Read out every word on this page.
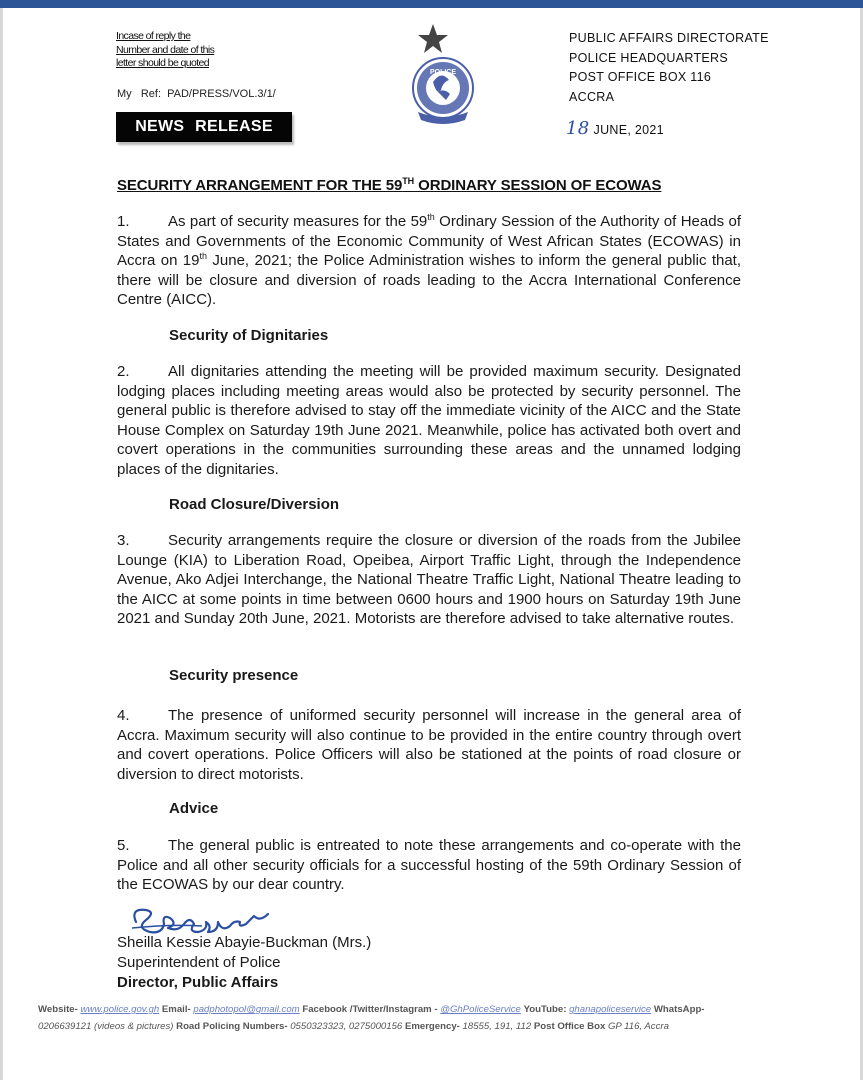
Incase of reply the
Number and date of this
letter should be quoted
My   Ref:  PAD/PRESS/VOL.3/1/
NEWS RELEASE
POLICE
PUBLIC AFFAIRS DIRECTORATE
POLICE HEADQUARTERS
POST OFFICE BOX 116
ACCRA
18 JUNE, 2021
SECURITY ARRANGEMENT FOR THE 59TH ORDINARY SESSION OF ECOWAS
1.	As part of security measures for the 59th Ordinary Session of the Authority of Heads of States and Governments of the Economic Community of West African States (ECOWAS) in Accra on 19th June, 2021; the Police Administration wishes to inform the general public that, there will be closure and diversion of roads leading to the Accra International Conference Centre (AICC).
Security of Dignitaries
2.	All dignitaries attending the meeting will be provided maximum security. Designated lodging places including meeting areas would also be protected by security personnel. The general public is therefore advised to stay off the immediate vicinity of the AICC and the State House Complex on Saturday 19th June 2021. Meanwhile, police has activated both overt and covert operations in the communities surrounding these areas and the unnamed lodging places of the dignitaries.
Road Closure/Diversion
3.	Security arrangements require the closure or diversion of the roads from the Jubilee Lounge (KIA) to Liberation Road, Opeibea, Airport Traffic Light, through the Independence Avenue, Ako Adjei Interchange, the National Theatre Traffic Light, National Theatre leading to the AICC at some points in time between 0600 hours and 1900 hours on Saturday 19th June 2021 and Sunday 20th June, 2021. Motorists are therefore advised to take alternative routes.
Security presence
4.	The presence of uniformed security personnel will increase in the general area of Accra. Maximum security will also continue to be provided in the entire country through overt and covert operations. Police Officers will also be stationed at the points of road closure or diversion to direct motorists.
Advice
5.	The general public is entreated to note these arrangements and co-operate with the Police and all other security officials for a successful hosting of the 59th Ordinary Session of the ECOWAS by our dear country.
Sheilla Kessie Abayie-Buckman (Mrs.)
Superintendent of Police
Director, Public Affairs
Website- www.police.gov.gh Email- padphotopol@gmail.com Facebook /Twitter/Instagram - @GhPoliceService YouTube: ghanapoliceservice WhatsApp-
0206639121 (videos & pictures) Road Policing Numbers- 0550323323, 0275000156 Emergency- 18555, 191, 112 Post Office Box GP 116, Accra
